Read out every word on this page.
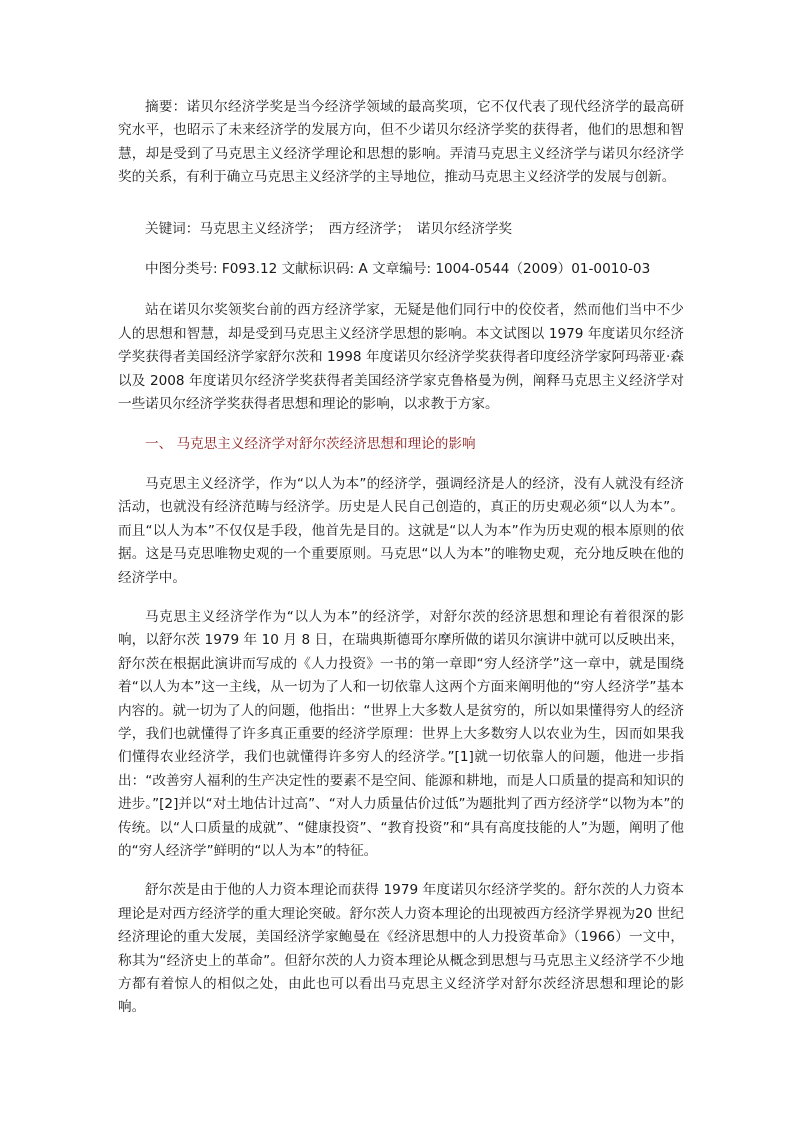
摘要：诺贝尔经济学奖是当今经济学领域的最高奖项，它不仅代表了现代经济学的最高研究水平，也昭示了未来经济学的发展方向，但不少诺贝尔经济学奖的获得者，他们的思想和智慧，却是受到了马克思主义经济学理论和思想的影响。弄清马克思主义经济学与诺贝尔经济学奖的关系，有利于确立马克思主义经济学的主导地位，推动马克思主义经济学的发展与创新。

关键词：马克思主义经济学；　西方经济学；　诺贝尔经济学奖

中图分类号: F093.12 文献标识码: A 文章编号: 1004-0544（2009）01-0010-03

站在诺贝尔奖领奖台前的西方经济学家，无疑是他们同行中的佼佼者，然而他们当中不少人的思想和智慧，却是受到马克思主义经济学思想的影响。本文试图以 1979 年度诺贝尔经济学奖获得者美国经济学家舒尔茨和 1998 年度诺贝尔经济学奖获得者印度经济学家阿玛蒂亚·森以及 2008 年度诺贝尔经济学奖获得者美国经济学家克鲁格曼为例，阐释马克思主义经济学对一些诺贝尔经济学奖获得者思想和理论的影响，以求教于方家。

一、 马克思主义经济学对舒尔茨经济思想和理论的影响

马克思主义经济学，作为“以人为本”的经济学，强调经济是人的经济，没有人就没有经济活动，也就没有经济范畴与经济学。历史是人民自己创造的，真正的历史观必须“以人为本”。而且“以人为本”不仅仅是手段，他首先是目的。这就是“以人为本”作为历史观的根本原则的依据。这是马克思唯物史观的一个重要原则。马克思“以人为本”的唯物史观，充分地反映在他的经济学中。

马克思主义经济学作为“以人为本”的经济学，对舒尔茨的经济思想和理论有着很深的影响，以舒尔茨 1979 年 10 月 8 日，在瑞典斯德哥尔摩所做的诺贝尔演讲中就可以反映出来，舒尔茨在根据此演讲而写成的《人力投资》一书的第一章即“穷人经济学”这一章中，就是围绕着“以人为本”这一主线，从一切为了人和一切依靠人这两个方面来阐明他的“穷人经济学”基本内容的。就一切为了人的问题，他指出：“世界上大多数人是贫穷的，所以如果懂得穷人的经济学，我们也就懂得了许多真正重要的经济学原理：世界上大多数穷人以农业为生，因而如果我们懂得农业经济学，我们也就懂得许多穷人的经济学。”[1]就一切依靠人的问题，他进一步指出：“改善穷人福利的生产决定性的要素不是空间、能源和耕地，而是人口质量的提高和知识的进步。”[2]并以“对土地估计过高”、“对人力质量估价过低”为题批判了西方经济学“以物为本”的传统。以“人口质量的成就”、“健康投资”、“教育投资”和“具有高度技能的人”为题，阐明了他的“穷人经济学”鲜明的“以人为本”的特征。

舒尔茨是由于他的人力资本理论而获得 1979 年度诺贝尔经济学奖的。舒尔茨的人力资本理论是对西方经济学的重大理论突破。舒尔茨人力资本理论的出现被西方经济学界视为20 世纪经济理论的重大发展，美国经济学家鲍曼在《经济思想中的人力投资革命》（1966）一文中，称其为“经济史上的革命”。但舒尔茨的人力资本理论从概念到思想与马克思主义经济学不少地方都有着惊人的相似之处，由此也可以看出马克思主义经济学对舒尔茨经济思想和理论的影响。
